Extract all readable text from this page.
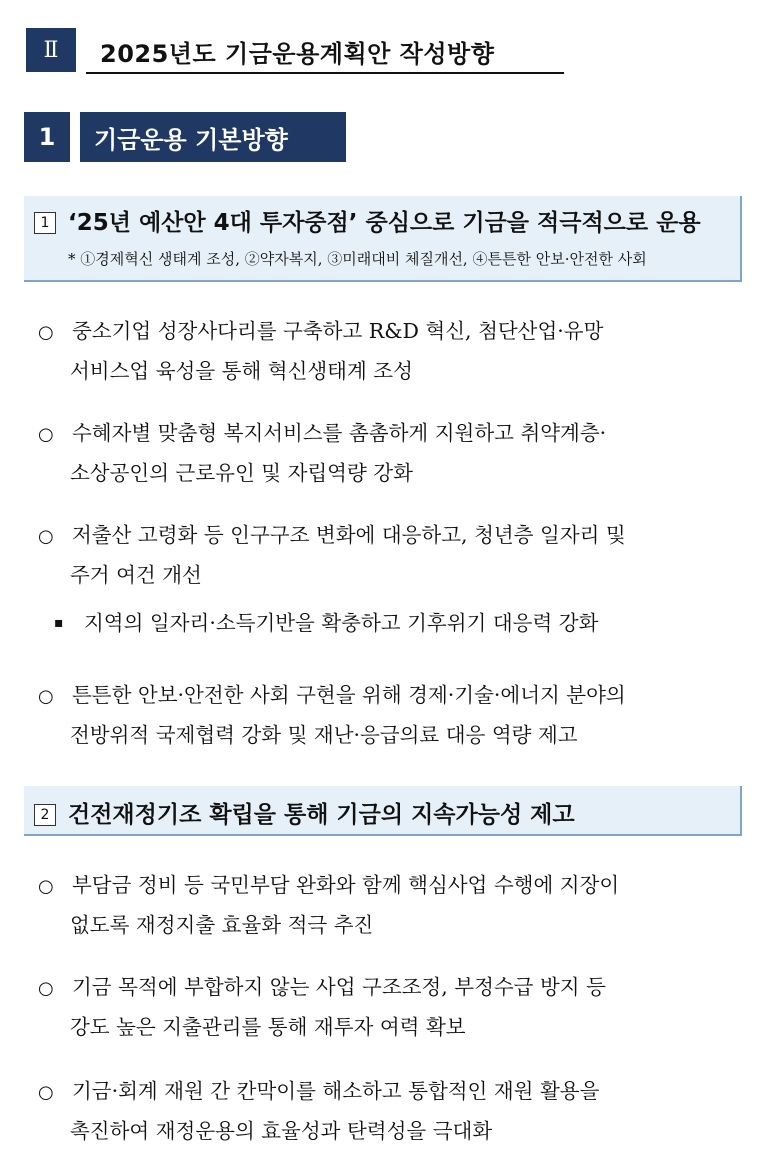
Ⅱ	2025년도 기금운용계획안 작성방향
1	기금운용 기본방향
1 ‘25년 예산안 4대 투자중점’ 중심으로 기금을 적극적으로 운용
* ①경제혁신 생태계 조성, ②약자복지, ③미래대비 체질개선, ④튼튼한 안보·안전한 사회
○ 중소기업 성장사다리를 구축하고 R&D 혁신, 첨단산업·유망
서비스업 육성을 통해 혁신생태계 조성
○ 수혜자별 맞춤형 복지서비스를 촘촘하게 지원하고 취약계층·
소상공인의 근로유인 및 자립역량 강화
○ 저출산 고령화 등 인구구조 변화에 대응하고, 청년층 일자리 및
주거 여건 개선
▪ 지역의 일자리·소득기반을 확충하고 기후위기 대응력 강화
○ 튼튼한 안보·안전한 사회 구현을 위해 경제·기술·에너지 분야의
전방위적 국제협력 강화 및 재난·응급의료 대응 역량 제고
2 건전재정기조 확립을 통해 기금의 지속가능성 제고
○ 부담금 정비 등 국민부담 완화와 함께 핵심사업 수행에 지장이
없도록 재정지출 효율화 적극 추진
○ 기금 목적에 부합하지 않는 사업 구조조정, 부정수급 방지 등
강도 높은 지출관리를 통해 재투자 여력 확보
○ 기금·회계 재원 간 칸막이를 해소하고 통합적인 재원 활용을
촉진하여 재정운용의 효율성과 탄력성을 극대화
